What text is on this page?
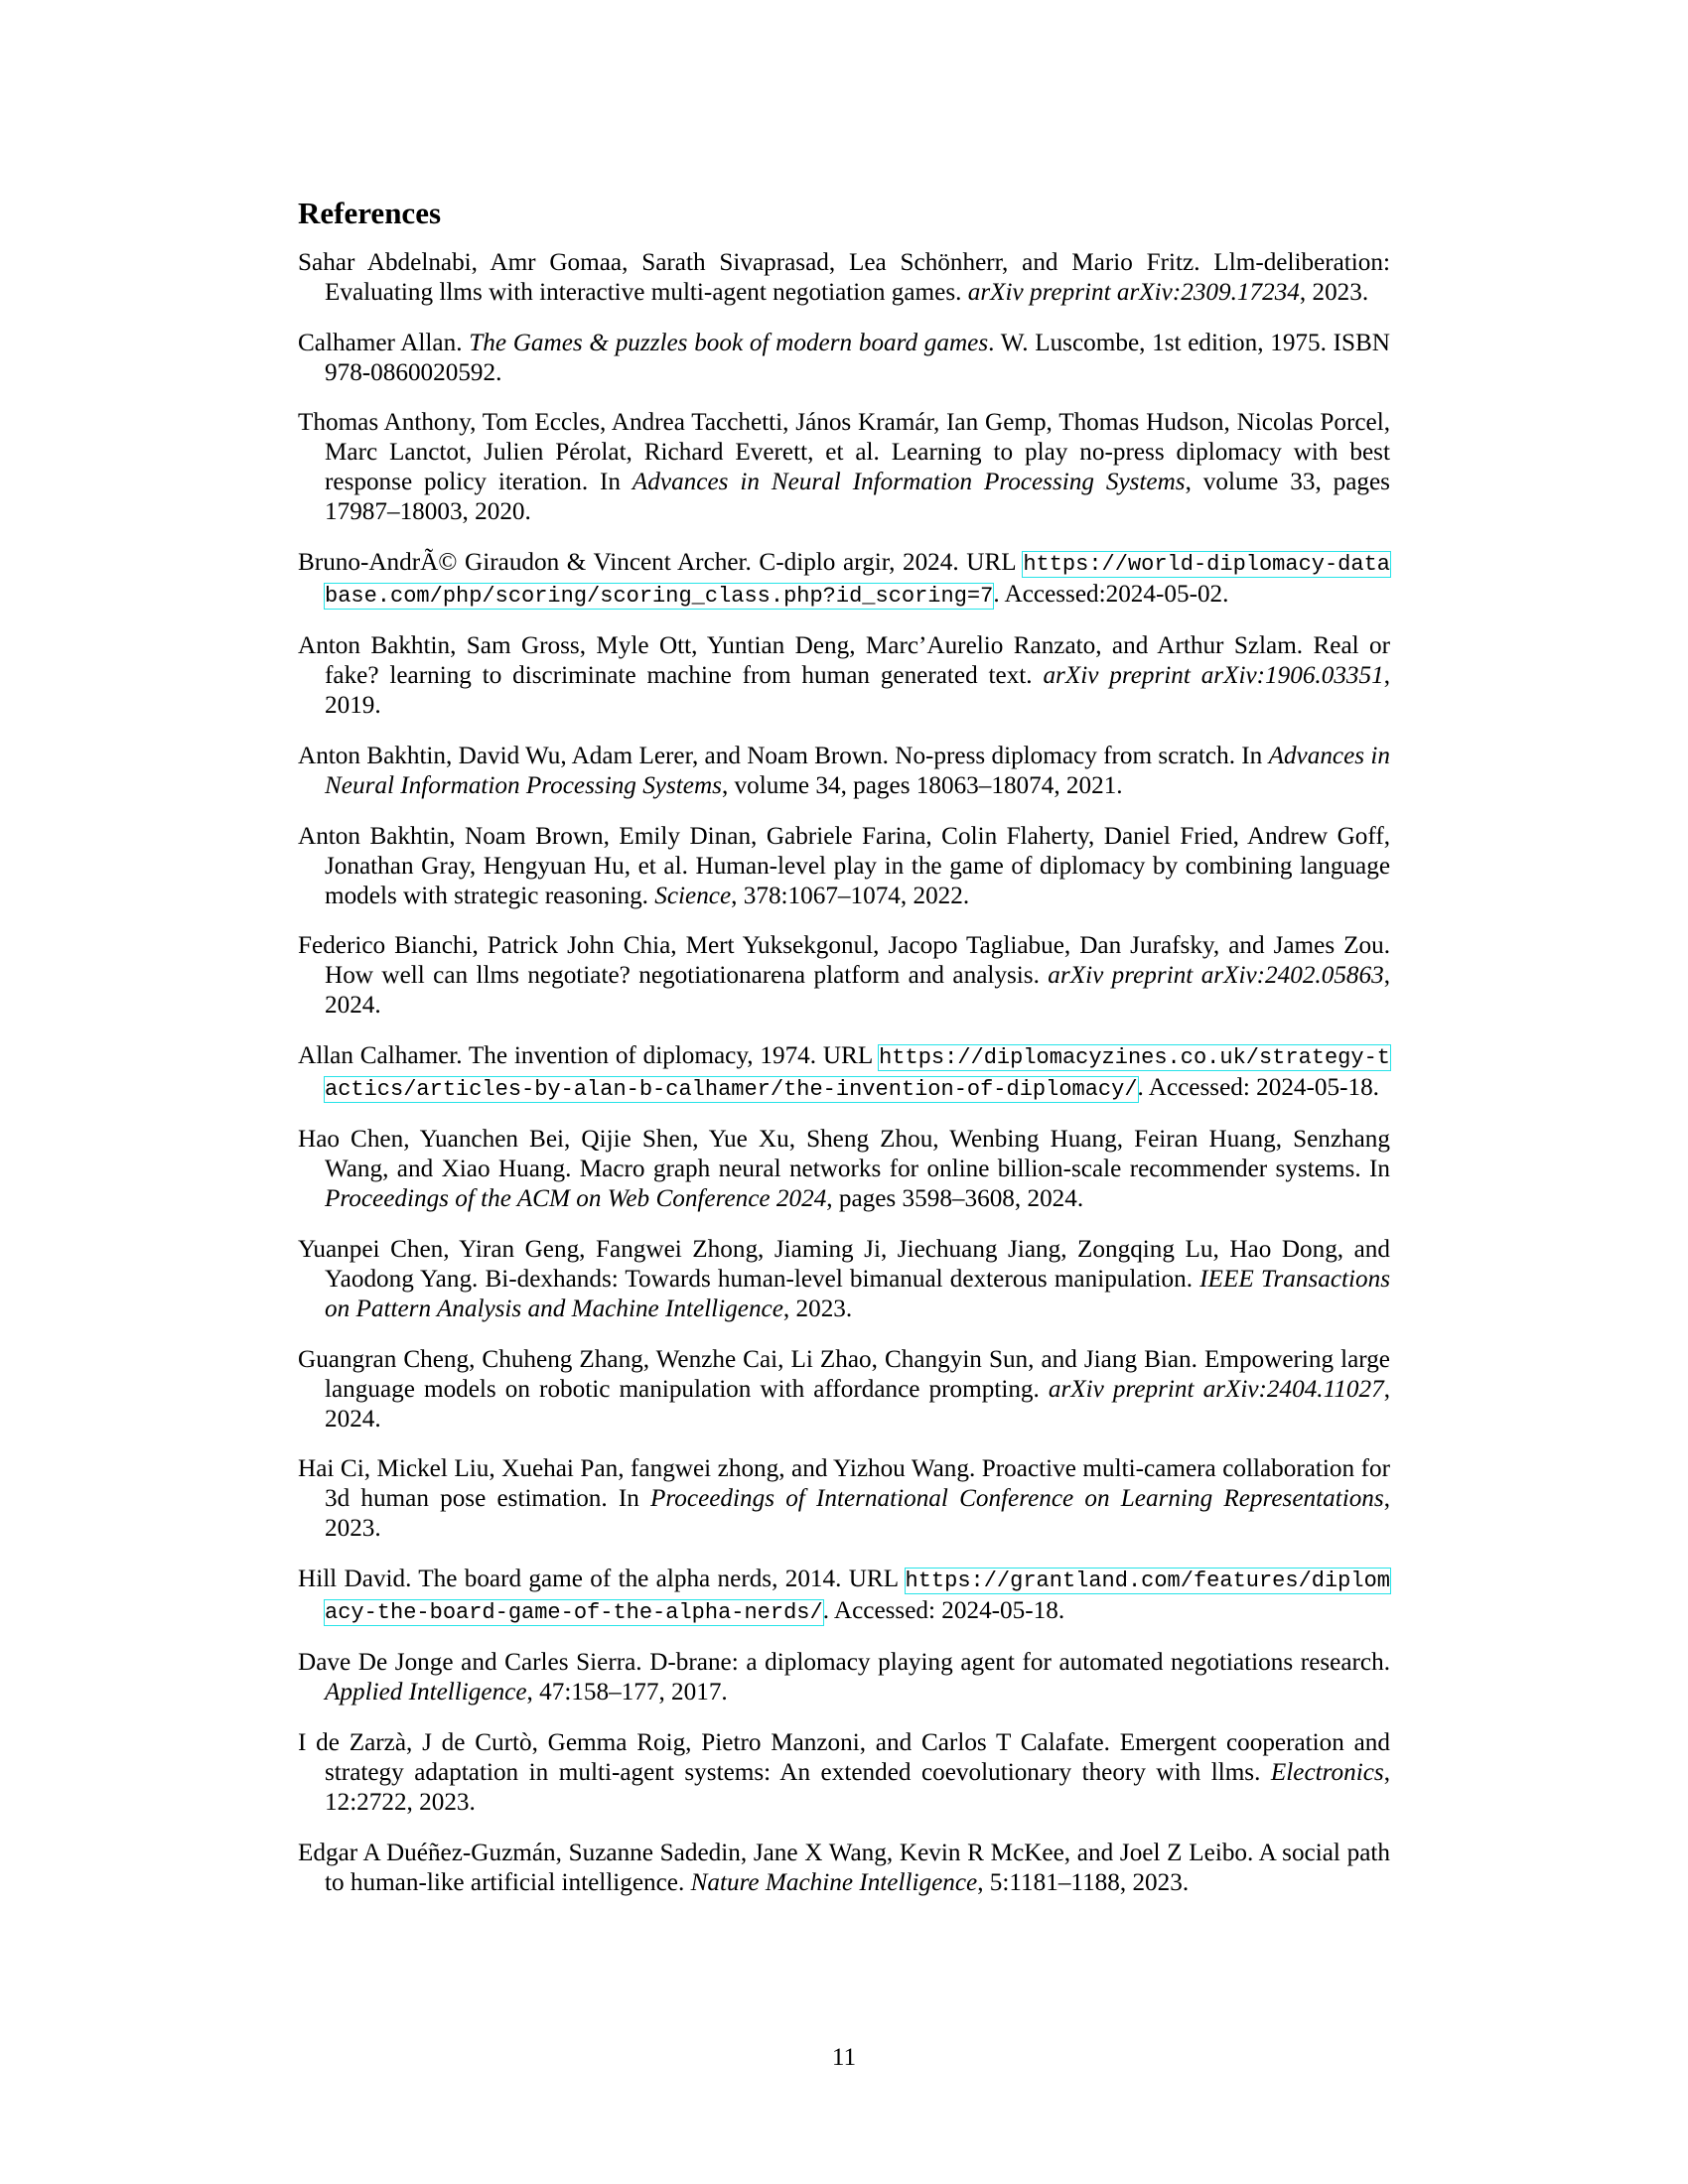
References
Sahar Abdelnabi, Amr Gomaa, Sarath Sivaprasad, Lea Schönherr, and Mario Fritz. Llm-deliberation: Evaluating llms with interactive multi-agent negotiation games. arXiv preprint arXiv:2309.17234, 2023.
Calhamer Allan. The Games & puzzles book of modern board games. W. Luscombe, 1st edition, 1975. ISBN 978-0860020592.
Thomas Anthony, Tom Eccles, Andrea Tacchetti, János Kramár, Ian Gemp, Thomas Hudson, Nicolas Porcel, Marc Lanctot, Julien Pérolat, Richard Everett, et al. Learning to play no-press diplomacy with best response policy iteration. In Advances in Neural Information Processing Systems, volume 33, pages 17987–18003, 2020.
Bruno-AndrÃ© Giraudon & Vincent Archer. C-diplo argir, 2024. URL https://world-diplomacy-database.com/php/scoring/scoring_class.php?id_scoring=7. Accessed:2024-05-02.
Anton Bakhtin, Sam Gross, Myle Ott, Yuntian Deng, Marc’Aurelio Ranzato, and Arthur Szlam. Real or fake? learning to discriminate machine from human generated text. arXiv preprint arXiv:1906.03351, 2019.
Anton Bakhtin, David Wu, Adam Lerer, and Noam Brown. No-press diplomacy from scratch. In Advances in Neural Information Processing Systems, volume 34, pages 18063–18074, 2021.
Anton Bakhtin, Noam Brown, Emily Dinan, Gabriele Farina, Colin Flaherty, Daniel Fried, Andrew Goff, Jonathan Gray, Hengyuan Hu, et al. Human-level play in the game of diplomacy by combining language models with strategic reasoning. Science, 378:1067–1074, 2022.
Federico Bianchi, Patrick John Chia, Mert Yuksekgonul, Jacopo Tagliabue, Dan Jurafsky, and James Zou. How well can llms negotiate? negotiationarena platform and analysis. arXiv preprint arXiv:2402.05863, 2024.
Allan Calhamer. The invention of diplomacy, 1974. URL https://diplomacyzines.co.uk/strategy-tactics/articles-by-alan-b-calhamer/the-invention-of-diplomacy/. Accessed: 2024-05-18.
Hao Chen, Yuanchen Bei, Qijie Shen, Yue Xu, Sheng Zhou, Wenbing Huang, Feiran Huang, Senzhang Wang, and Xiao Huang. Macro graph neural networks for online billion-scale recommender systems. In Proceedings of the ACM on Web Conference 2024, pages 3598–3608, 2024.
Yuanpei Chen, Yiran Geng, Fangwei Zhong, Jiaming Ji, Jiechuang Jiang, Zongqing Lu, Hao Dong, and Yaodong Yang. Bi-dexhands: Towards human-level bimanual dexterous manipulation. IEEE Transactions on Pattern Analysis and Machine Intelligence, 2023.
Guangran Cheng, Chuheng Zhang, Wenzhe Cai, Li Zhao, Changyin Sun, and Jiang Bian. Empowering large language models on robotic manipulation with affordance prompting. arXiv preprint arXiv:2404.11027, 2024.
Hai Ci, Mickel Liu, Xuehai Pan, fangwei zhong, and Yizhou Wang. Proactive multi-camera collaboration for 3d human pose estimation. In Proceedings of International Conference on Learning Representations, 2023.
Hill David. The board game of the alpha nerds, 2014. URL https://grantland.com/features/diplomacy-the-board-game-of-the-alpha-nerds/. Accessed: 2024-05-18.
Dave De Jonge and Carles Sierra. D-brane: a diplomacy playing agent for automated negotiations research. Applied Intelligence, 47:158–177, 2017.
I de Zarzà, J de Curtò, Gemma Roig, Pietro Manzoni, and Carlos T Calafate. Emergent cooperation and strategy adaptation in multi-agent systems: An extended coevolutionary theory with llms. Electronics, 12:2722, 2023.
Edgar A Duéñez-Guzmán, Suzanne Sadedin, Jane X Wang, Kevin R McKee, and Joel Z Leibo. A social path to human-like artificial intelligence. Nature Machine Intelligence, 5:1181–1188, 2023.
11
